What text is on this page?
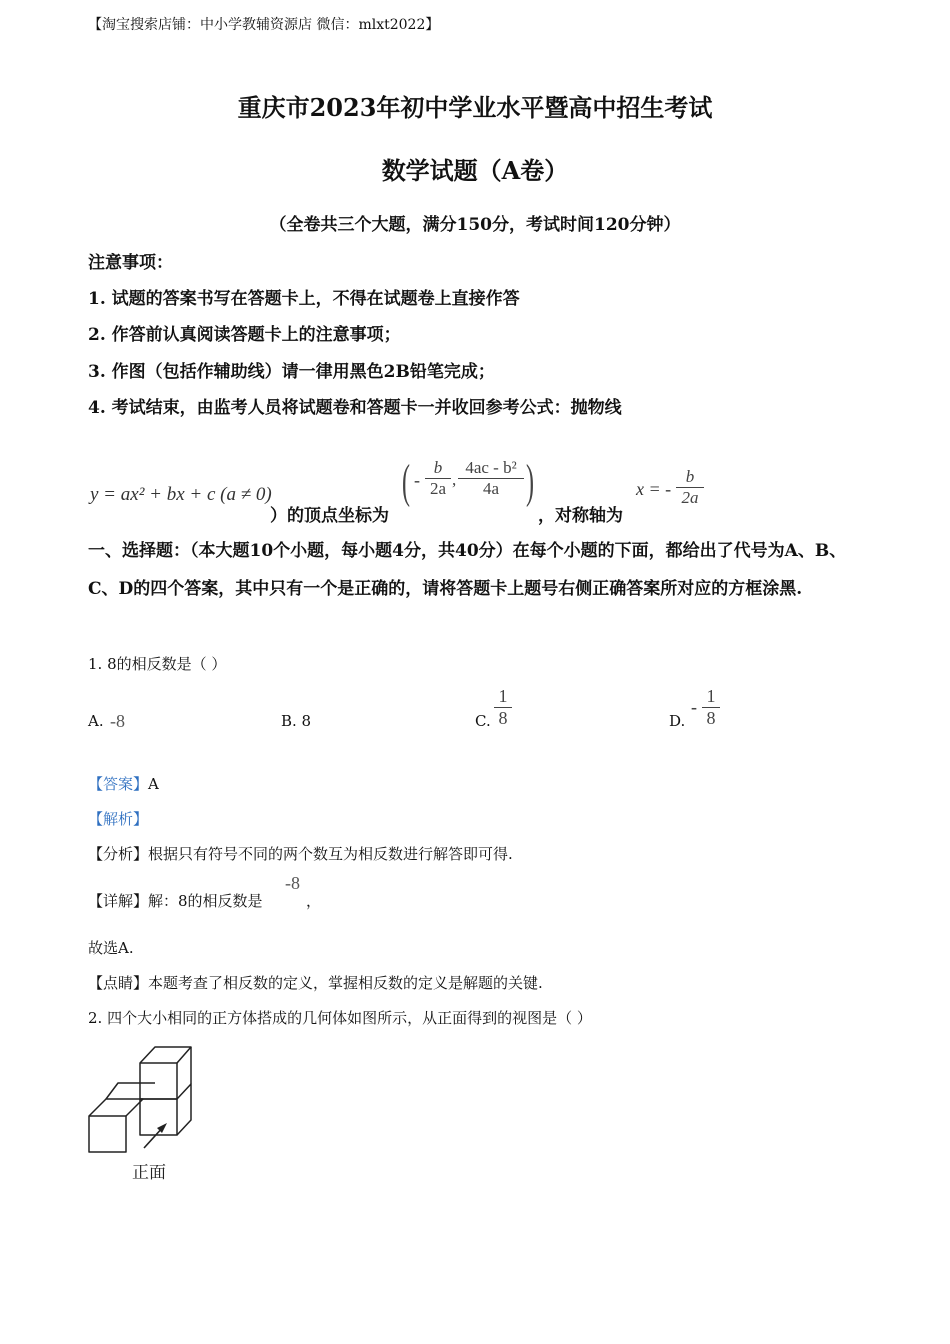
【淘宝搜索店铺：中小学教辅资源店 微信：mlxt2022】
重庆市2023年初中学业水平暨高中招生考试
数学试题（A卷）
（全卷共三个大题，满分150分，考试时间120分钟）
注意事项：
1. 试题的答案书写在答题卡上，不得在试题卷上直接作答
2. 作答前认真阅读答题卡上的注意事项；
3. 作图（包括作辅助线）请一律用黑色2B铅笔完成；
4. 考试结束，由监考人员将试题卷和答题卡一并收回参考公式：抛物线
y = ax² + bx + c (a ≠ 0)
）的顶点坐标为
( - $\frac{b}{2a}$ , $\frac{\text{4ac - b²}}{4a}$ )
，对称轴为
x = - $\frac{b}{2a}$
一、选择题：（本大题10个小题，每小题4分，共40分）在每个小题的下面，都给出了代号为A、B、C、D的四个答案，其中只有一个是正确的，请将答题卡上题号右侧正确答案所对应的方框涂黑.
1. 8的相反数是（ ）
A. -8	B. 8	C. $\frac{1}{8}$	D.
- $\frac{1}{8}$
【答案】A
【解析】
【分析】根据只有符号不同的两个数互为相反数进行解答即可得.
【详解】解：8的相反数是
-8
，
故选A.
【点睛】本题考查了相反数的定义，掌握相反数的定义是解题的关键.
2. 四个大小相同的正方体搭成的几何体如图所示，从正面得到的视图是（ ）
正面
